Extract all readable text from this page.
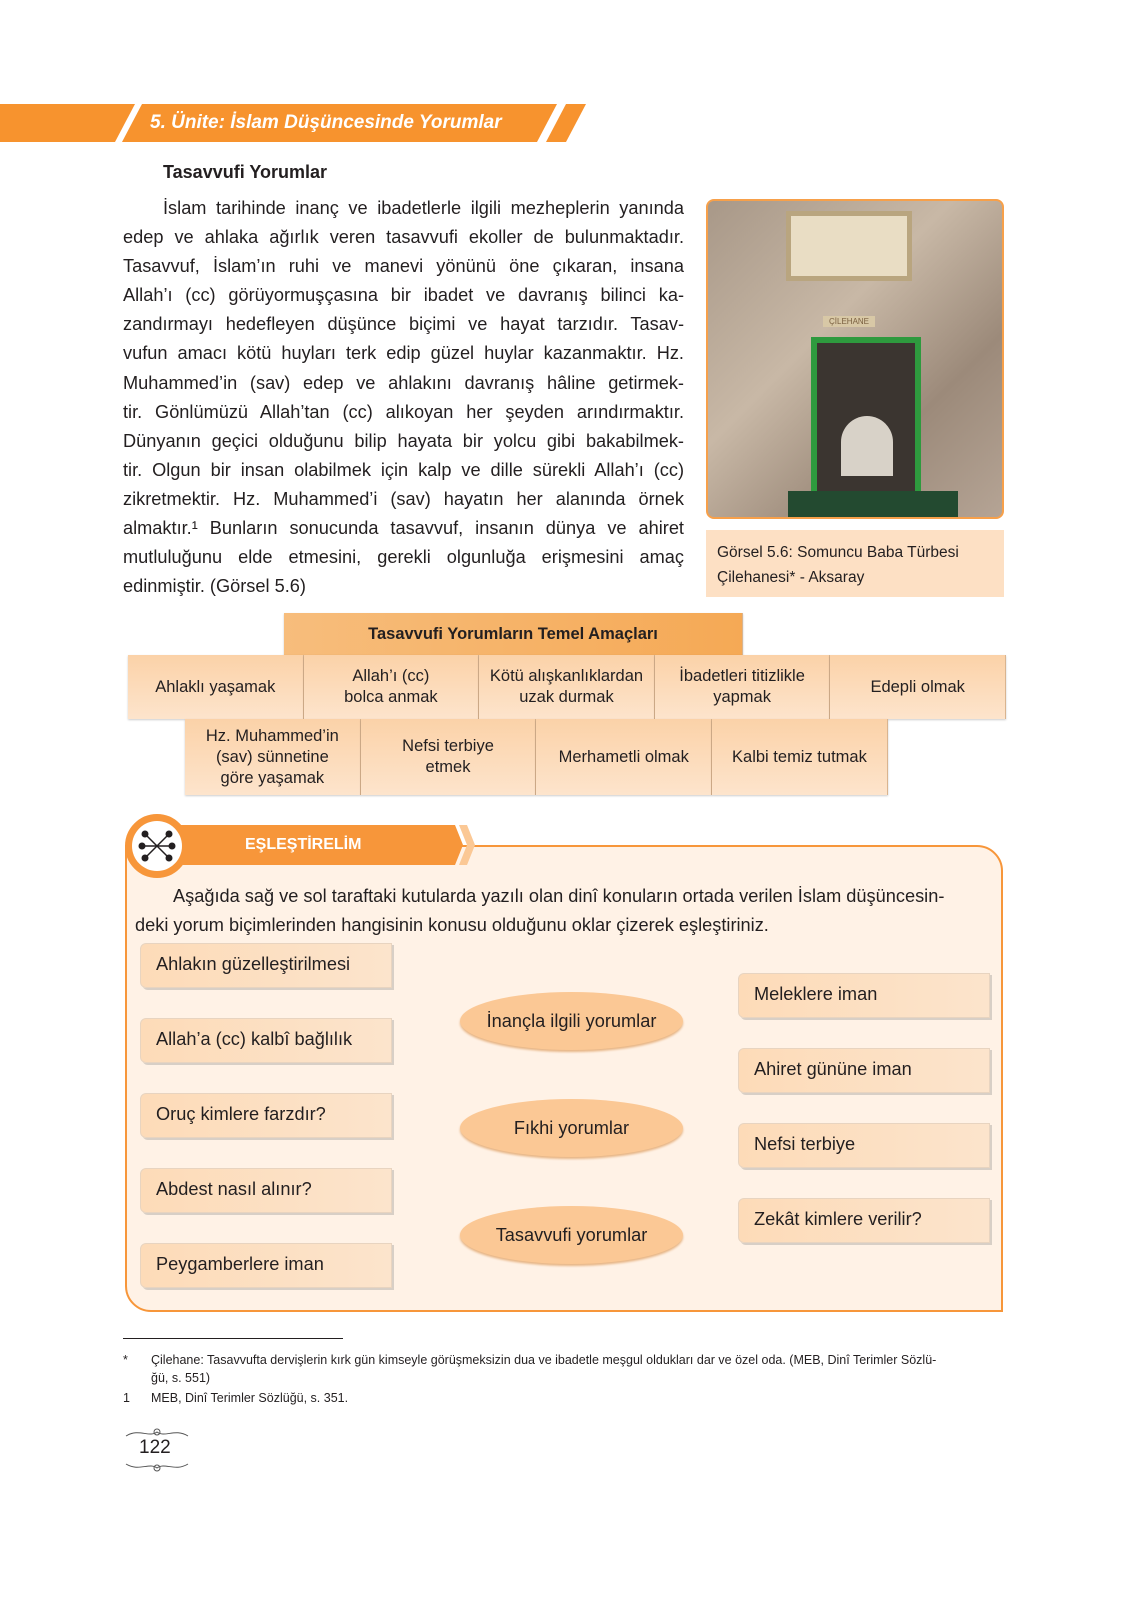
5. Ünite: İslam Düşüncesinde Yorumlar
Tasavvufi Yorumlar
İslam tarihinde inanç ve ibadetlerle ilgili mezheplerin yanında
edep ve ahlaka ağırlık veren tasavvufi ekoller de bulunmaktadır.
Tasavvuf, İslam’ın ruhi ve manevi yönünü öne çıkaran, insana
Allah’ı (cc) görüyormuşçasına bir ibadet ve davranış bilinci ka-
zandırmayı hedefleyen düşünce biçimi ve hayat tarzıdır. Tasav-
vufun amacı kötü huyları terk edip güzel huylar kazanmaktır. Hz.
Muhammed’in (sav) edep ve ahlakını davranış hâline getirmek-
tir. Gönlümüzü Allah’tan (cc) alıkoyan her şeyden arındırmaktır.
Dünyanın geçici olduğunu bilip hayata bir yolcu gibi bakabilmek-
tir. Olgun bir insan olabilmek için kalp ve dille sürekli Allah’ı (cc)
zikretmektir. Hz. Muhammed’i (sav) hayatın her alanında örnek
almaktır.¹ Bunların sonucunda tasavvuf, insanın dünya ve ahiret
mutluluğunu elde etmesini, gerekli olgunluğa erişmesini amaç
edinmiştir. (Görsel 5.6)
ÇİLEHANE
Görsel 5.6: Somuncu Baba Türbesi
Çilehanesi* - Aksaray
Tasavvufi Yorumların Temel Amaçları
Ahlaklı yaşamak
Allah’ı (cc)
bolca anmak
Kötü alışkanlıklardan
uzak durmak
İbadetleri titizlikle
yapmak
Edepli olmak
Hz. Muhammed’in
(sav) sünnetine
göre yaşamak
Nefsi terbiye
etmek
Merhametli olmak	Kalbi temiz tutmak
EŞLEŞTİRELİM
Aşağıda sağ ve sol taraftaki kutularda yazılı olan dinî konuların ortada verilen İslam düşüncesin-
deki yorum biçimlerinden hangisinin konusu olduğunu oklar çizerek eşleştiriniz.
Ahlakın güzelleştirilmesi
Allah’a (cc) kalbî bağlılık
Oruç kimlere farzdır?
Abdest nasıl alınır?
Peygamberlere iman
İnançla ilgili yorumlar
Fıkhi yorumlar
Tasavvufi yorumlar
Meleklere iman
Ahiret gününe iman
Nefsi terbiye
Zekât kimlere verilir?
* Çilehane: Tasavvufta dervişlerin kırk gün kimseyle görüşmeksizin dua ve ibadetle meşgul oldukları dar ve özel oda. (MEB, Dinî Terimler Sözlü-
ğü, s. 551)
1 MEB, Dinî Terimler Sözlüğü, s. 351.
122
